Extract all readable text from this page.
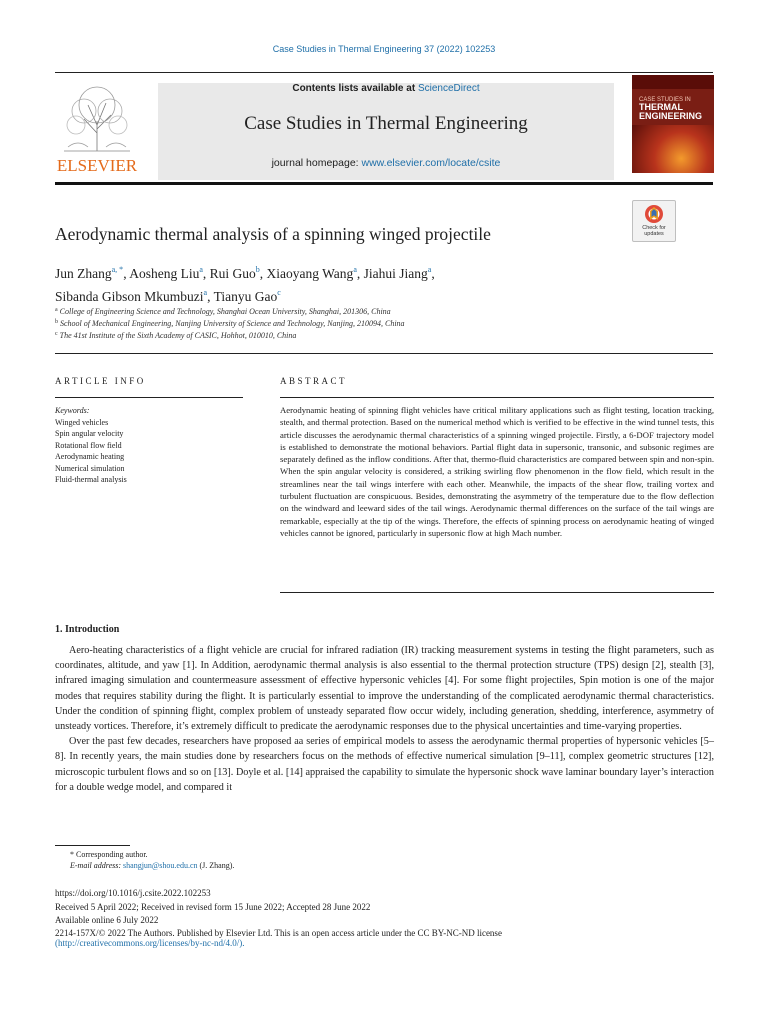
Case Studies in Thermal Engineering 37 (2022) 102253
ELSEVIER
Contents lists available at ScienceDirect
Case Studies in Thermal Engineering
journal homepage: www.elsevier.com/locate/csite
CASE STUDIES IN
THERMAL
ENGINEERING
Aerodynamic thermal analysis of a spinning winged projectile	Check for
updates
Jun Zhang$^{a, *}$, Aosheng Liu$^a$, Rui Guo$^b$, Xiaoyang Wang$^a$, Jiahui Jiang$^a$,
Sibanda Gibson Mkumbuzi$^a$, Tianyu Gao$^c$
$^a$ College of Engineering Science and Technology, Shanghai Ocean University, Shanghai, 201306, China
$^b$ School of Mechanical Engineering, Nanjing University of Science and Technology, Nanjing, 210094, China
$^c$ The 41st Institute of the Sixth Academy of CASIC, Hohhot, 010010, China
ARTICLE INFO
Keywords:
Winged vehicles
Spin angular velocity
Rotational flow field
Aerodynamic heating
Numerical simulation
Fluid-thermal analysis
ABSTRACT
Aerodynamic heating of spinning flight vehicles have critical military applications such as flight testing, location tracking, stealth, and thermal protection. Based on the numerical method which is verified to be effective in the wind tunnel tests, this article discusses the aerodynamic thermal characteristics of a spinning winged projectile. Firstly, a 6-DOF trajectory model is established to demonstrate the motional behaviors. Partial flight data in supersonic, transonic, and subsonic regimes are separately defined as the inflow conditions. After that, thermo-fluid characteristics are compared between spin and non-spin. When the spin angular velocity is considered, a striking swirling flow phenomenon in the flow field, which result in the streamlines near the tail wings interfere with each other. Meanwhile, the impacts of the shear flow, trailing vortex and turbulent fluctuation are conspicuous. Besides, demonstrating the asymmetry of the temperature due to the flow deflection on the windward and leeward sides of the tail wings. Aerodynamic thermal differences on the surface of the tail wings are remarkable, especially at the tip of the wings. Therefore, the effects of spinning process on aerodynamic heating of winged vehicles cannot be ignored, particularly in supersonic flow at high Mach number.
1. Introduction

Aero-heating characteristics of a flight vehicle are crucial for infrared radiation (IR) tracking measurement systems in testing the flight parameters, such as coordinates, altitude, and yaw [1]. In Addition, aerodynamic thermal analysis is also essential to the thermal protection structure (TPS) design [2], stealth [3], infrared imaging simulation and countermeasure assessment of effective hypersonic vehicles [4]. For some flight projectiles, Spin motion is one of the major modes that requires stability during the flight. It is particularly essential to improve the understanding of the complicated aerodynamic thermal characteristics. Under the condition of spinning flight, complex problem of unsteady separated flow occur widely, including generation, shedding, interference, asymmetry of unsteady vortices. Therefore, it’s extremely difficult to predicate the aerodynamic responses due to the physical uncertainties and time-varying properties.

Over the past few decades, researchers have proposed aa series of empirical models to assess the aerodynamic thermal properties of hypersonic vehicles [5–8]. In recently years, the main studies done by researchers focus on the methods of effective numerical simulation [9–11], complex geometric structures [12], microscopic turbulent flows and so on [13]. Doyle et al. [14] appraised the capability to simulate the hypersonic shock wave laminar boundary layer’s interaction for a double wedge model, and compared it

* Corresponding author.
E-mail address: shangjun@shou.edu.cn (J. Zhang).
https://doi.org/10.1016/j.csite.2022.102253
Received 5 April 2022; Received in revised form 15 June 2022; Accepted 28 June 2022
Available online 6 July 2022
2214-157X/© 2022 The Authors. Published by Elsevier Ltd. This is an open access article under the CC BY-NC-ND license
(http://creativecommons.org/licenses/by-nc-nd/4.0/).
